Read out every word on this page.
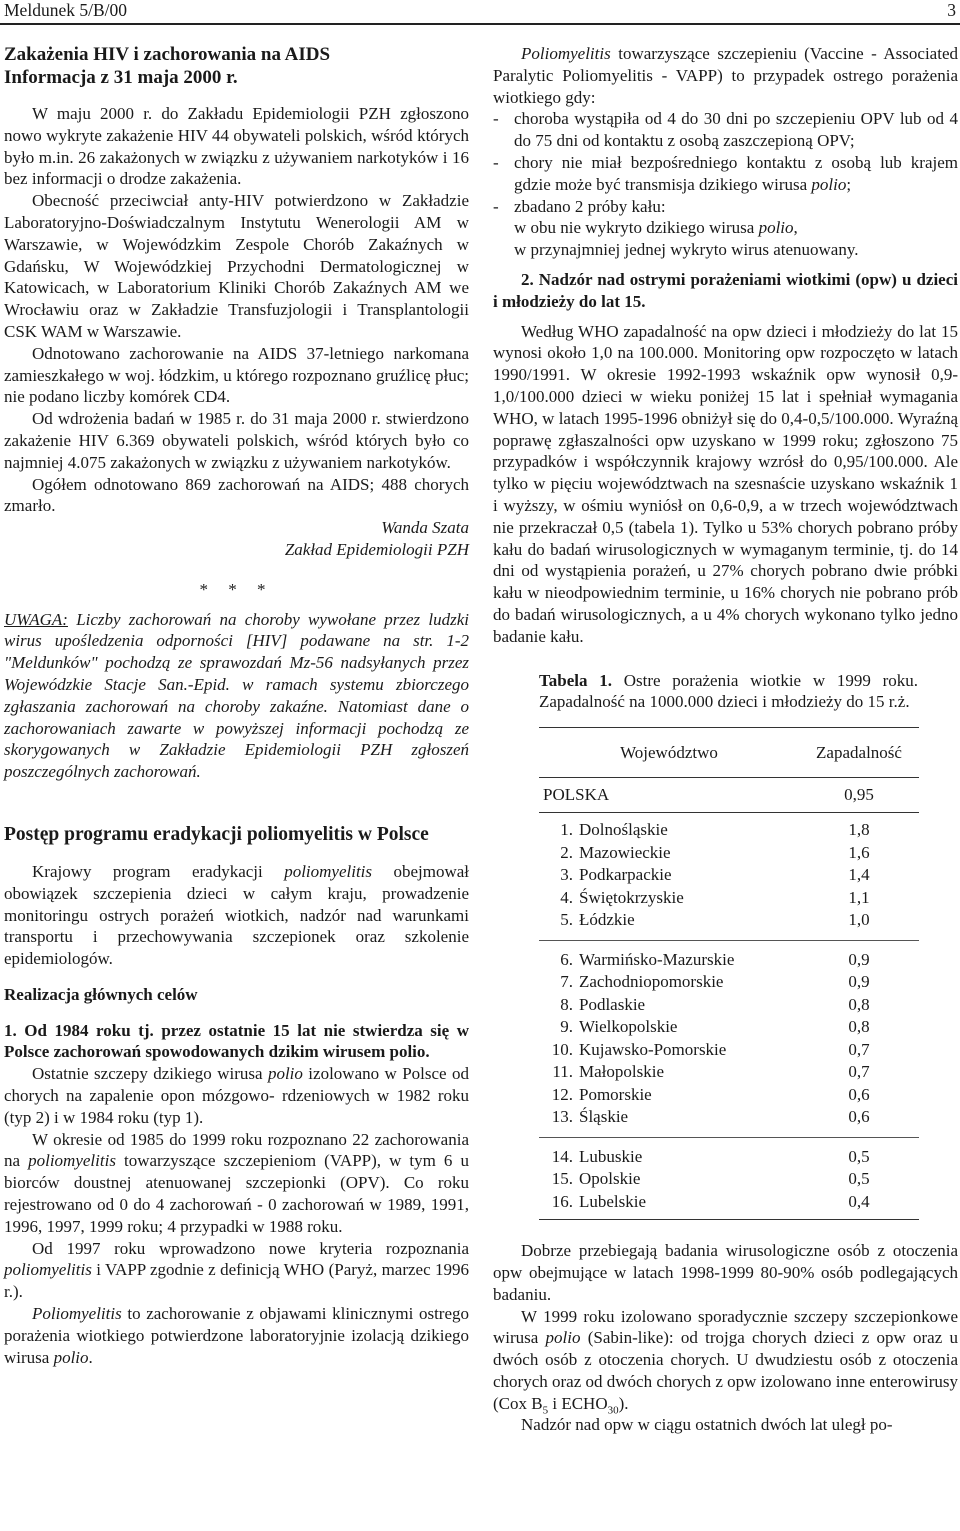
Meldunek 5/B/00	3
Zakażenia HIV i zachorowania na AIDS
Informacja z 31 maja 2000 r.

W maju 2000 r. do Zakładu Epidemiologii PZH zgłoszono nowo wykryte zakażenie HIV 44 obywateli polskich, wśród których było m.in. 26 zakażonych w związku z używaniem narkotyków i 16 bez informacji o drodze zakażenia.

Obecność przeciwciał anty-HIV potwierdzono w Zakładzie Laboratoryjno-Doświadczalnym Instytutu Wenerologii AM w Warszawie, w Wojewódzkim Zespole Chorób Zakaźnych w Gdańsku, W Wojewódzkiej Przychodni Dermatologicznej w Katowicach, w Laboratorium Kliniki Chorób Zakaźnych AM we Wrocławiu oraz w Zakładzie Transfuzjologii i Transplantologii CSK WAM w Warszawie.

Odnotowano zachorowanie na AIDS 37-letniego narkomana zamieszkałego w woj. łódzkim, u którego rozpoznano gruźlicę płuc; nie podano liczby komórek CD4.

Od wdrożenia badań w 1985 r. do 31 maja 2000 r. stwierdzono zakażenie HIV 6.369 obywateli polskich, wśród których było co najmniej 4.075 zakażonych w związku z używaniem narkotyków.

Ogółem odnotowano 869 zachorowań na AIDS; 488 chorych zmarło.

Wanda Szata

Zakład Epidemiologii PZH

* * *

UWAGA: Liczby zachorowań na choroby wywołane przez ludzki wirus upośledzenia odporności [HIV] podawane na str. 1-2 "Meldunków" pochodzą ze sprawozdań Mz-56 nadsyłanych przez Wojewódzkie Stacje San.-Epid. w ramach systemu zbiorczego zgłaszania zachorowań na choroby zakaźne. Natomiast dane o zachorowaniach zawarte w powyższej informacji pochodzą ze skorygowanych w Zakładzie Epidemiologii PZH zgłoszeń poszczególnych zachorowań.

Postęp programu eradykacji poliomyelitis w Polsce

Krajowy program eradykacji poliomyelitis obejmował obowiązek szczepienia dzieci w całym kraju, prowadzenie monitoringu ostrych porażeń wiotkich, nadzór nad warunkami transportu i przechowywania szczepionek oraz szkolenie epidemiologów.

Realizacja głównych celów

1. Od 1984 roku tj. przez ostatnie 15 lat nie stwierdza się w Polsce zachorowań spowodowanych dzikim wirusem polio.

Ostatnie szczepy dzikiego wirusa polio izolowano w Polsce od chorych na zapalenie opon mózgowo- rdzeniowych w 1982 roku (typ 2) i w 1984 roku (typ 1).

W okresie od 1985 do 1999 roku rozpoznano 22 zachorowania na poliomyelitis towarzyszące szczepieniom (VAPP), w tym 6 u biorców doustnej atenuowanej szczepionki (OPV). Co roku rejestrowano od 0 do 4 zachorowań - 0 zachorowań w 1989, 1991, 1996, 1997, 1999 roku; 4 przypadki w 1988 roku.

Od 1997 roku wprowadzono nowe kryteria rozpoznania poliomyelitis i VAPP zgodnie z definicją WHO (Paryż, marzec 1996 r.).

Poliomyelitis to zachorowanie z objawami klinicznymi ostrego porażenia wiotkiego potwierdzone laboratoryjnie izolacją dzikiego wirusa polio.

Poliomyelitis towarzyszące szczepieniu (Vaccine - Associated Paralytic Poliomyelitis - VAPP) to przypadek ostrego porażenia wiotkiego gdy:

- choroba wystąpiła od 4 do 30 dni po szczepieniu OPV lub od 4 do 75 dni od kontaktu z osobą zaszczepioną OPV;
- chory nie miał bezpośredniego kontaktu z osobą lub krajem gdzie może być transmisja dzikiego wirusa polio;
- zbadano 2 próby kału:
w obu nie wykryto dzikiego wirusa polio,
w przynajmniej jednej wykryto wirus atenuowany.

2. Nadzór nad ostrymi porażeniami wiotkimi (opw) u dzieci i młodzieży do lat 15.

Według WHO zapadalność na opw dzieci i młodzieży do lat 15 wynosi około 1,0 na 100.000. Monitoring opw rozpoczęto w latach 1990/1991. W okresie 1992-1993 wskaźnik opw wynosił 0,9-1,0/100.000 dzieci w wieku poniżej 15 lat i spełniał wymagania WHO, w latach 1995-1996 obniżył się do 0,4-0,5/100.000. Wyraźną poprawę zgłaszalności opw uzyskano w 1999 roku; zgłoszono 75 przypadków i współczynnik krajowy wzrósł do 0,95/100.000. Ale tylko w pięciu województwach na szesnaście uzyskano wskaźnik 1 i wyższy, w ośmiu wyniósł on 0,6-0,9, a w trzech województwach nie przekraczał 0,5 (tabela 1). Tylko u 53% chorych pobrano próby kału do badań wirusologicznych w wymaganym terminie, tj. do 14 dni od wystąpienia porażeń, u 27% chorych pobrano dwie próbki kału w nieodpowiednim terminie, u 16% chorych nie pobrano prób do badań wirusologicznych, a u 4% chorych wykonano tylko jedno badanie kału.

Tabela 1. Ostre porażenia wiotkie w 1999 roku. Zapadalność na 1000.000 dzieci i młodzieży do 15 r.ż.

Województwo		Zapadalność

POLSKA		0,95

1.	Dolnośląskie	1,8
2.	Mazowieckie	1,6
3.	Podkarpackie	1,4
4.	Świętokrzyskie	1,1
5.	Łódzkie	1,0

6.	Warmińsko-Mazurskie	0,9
7.	Zachodniopomorskie	0,9
8.	Podlaskie	0,8
9.	Wielkopolskie	0,8
10.	Kujawsko-Pomorskie	0,7
11.	Małopolskie	0,7
12.	Pomorskie	0,6
13.	Śląskie	0,6

14.	Lubuskie	0,5
15.	Opolskie	0,5
16.	Lubelskie	0,4

Dobrze przebiegają badania wirusologiczne osób z otoczenia opw obejmujące w latach 1998-1999 80-90% osób podlegających badaniu.

W 1999 roku izolowano sporadycznie szczepy szczepionkowe wirusa polio (Sabin-like): od trojga chorych dzieci z opw oraz u dwóch osób z otoczenia chorych. U dwudziestu osób z otoczenia chorych oraz od dwóch chorych z opw izolowano inne enterowirusy (Cox $B_5$ i $ECHO_{30}$).

Nadzór nad opw w ciągu ostatnich dwóch lat uległ po-
